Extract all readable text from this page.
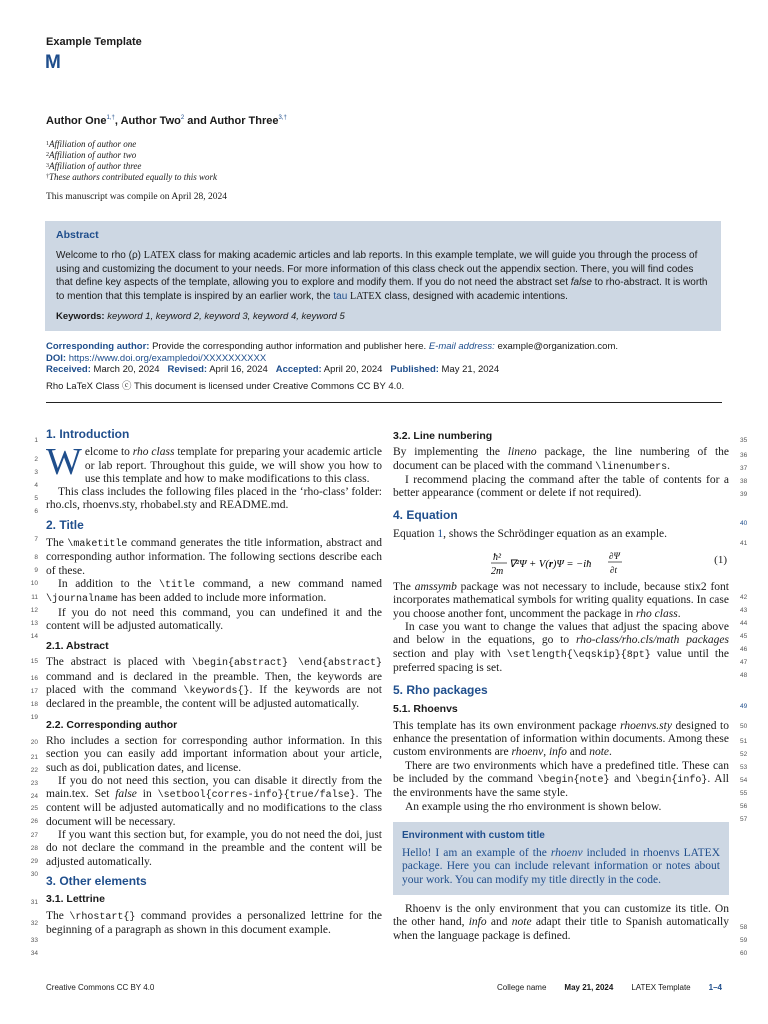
Example Template
M
Author One$^{1,\dagger}$, Author Two$^2$ and Author Three$^{3,\dagger}$
$^1$Affiliation of author one
$^2$Affiliation of author two
$^3$Affiliation of author three
†These authors contributed equally to this work
This manuscript was compile on April 28, 2024
Abstract
Welcome to rho (ρ) LATEX class for making academic articles and lab reports. In this example template, we will guide you through the process of using and customizing the document to your needs. For more information of this class check out the appendix section. There, you will find codes that define key aspects of the template, allowing you to explore and modify them. If you do not need the abstract set false to rho-abstract. It is worth to mention that this template is inspired by an earlier work, the tau LATEX class, designed with academic intentions.
Keywords: keyword 1, keyword 2, keyword 3, keyword 4, keyword 5
Corresponding author: Provide the corresponding author information and publisher here. E-mail address: example@organization.com.
DOI: https://www.doi.org/exampledoi/XXXXXXXXXX
Received: March 20, 2024 Revised: April 16, 2024 Accepted: April 20, 2024 Published: May 21, 2024
Rho LaTeX Class ⓒ This document is licensed under Creative Commons CC BY 4.0.
1. Introduction

Welcome to rho class template for preparing your academic article or lab report. Throughout this guide, we will show you how to use this template and how to make modifications to this class.

This class includes the following files placed in the ‘rho-class’ folder: rho.cls, rhoenvs.sty, rhobabel.sty and README.md.

2. Title

The \maketitle command generates the title information, abstract and corresponding author information. The following sections describe each of these.

In addition to the \title command, a new command named \journalname has been added to include more information.

If you do not need this command, you can undefined it and the content will be adjusted automatically.

2.1. Abstract

The abstract is placed with \begin{abstract} \end{abstract} command and is declared in the preamble. Then, the keywords are placed with the command \keywords{}. If the keywords are not declared in the preamble, the content will be adjusted automatically.

2.2. Corresponding author

Rho includes a section for corresponding author information. In this section you can easily add important information about your article, such as doi, publication dates, and license.

If you do not need this section, you can disable it directly from the main.tex. Set false in \setbool{corres-info}{true/false}. The content will be adjusted automatically and no modifications to the class document will be necessary.

If you want this section but, for example, you do not need the doi, just do not declare the command in the preamble and the content will be adjusted automatically.

3. Other elements
3.1. Lettrine

The \rhostart{} command provides a personalized lettrine for the beginning of a paragraph as shown in this document example.

3.2. Line numbering

By implementing the lineno package, the line numbering of the document can be placed with the command \linenumbers.

I recommend placing the command after the table of contents for a better appearance (comment or delete if not required).

4. Equation

Equation 1, shows the Schrödinger equation as an example.

ħ²
2m
∇²Ψ + V(r)Ψ = −iħ
∂Ψ
∂t
(1)

The amssymb package was not necessary to include, because stix2 font incorporates mathematical symbols for writing quality equations. In case you choose another font, uncomment the package in rho class.

In case you want to change the values that adjust the spacing above and below in the equations, go to rho-class/rho.cls/math packages section and play with \setlength{\eqskip}{8pt} value until the preferred spacing is set.

5. Rho packages
5.1. Rhoenvs

This template has its own environment package rhoenvs.sty designed to enhance the presentation of information within documents. Among these custom environments are rhoenv, info and note.

There are two environments which have a predefined title. These can be included by the command \begin{note} and \begin{info}. All the environments have the same style.

An example using the rho environment is shown below.

Environment with custom title
Hello! I am an example of the rhoenv included in rhoenvs LATEX package. Here you can include relevant information or notes about your work. You can modify my title directly in the code.

Rhoenv is the only environment that you can customize its title. On the other hand, info and note adapt their title to Spanish automatically when the language package is defined.

1
2
3
4
5
6
7
8
9
10
11
12
13
14
15
16
17
18
19
20
21
22
23
24
25
26
27
28
29
30
31
32
33
34
35
36
37
38
39
40
41
42
43
44
45
46
47
48
49
50
51
52
53
54
55
56
57
58
59
60
Creative Commons CC BY 4.0	College name May 21, 2024 LATEX Template 1–4
